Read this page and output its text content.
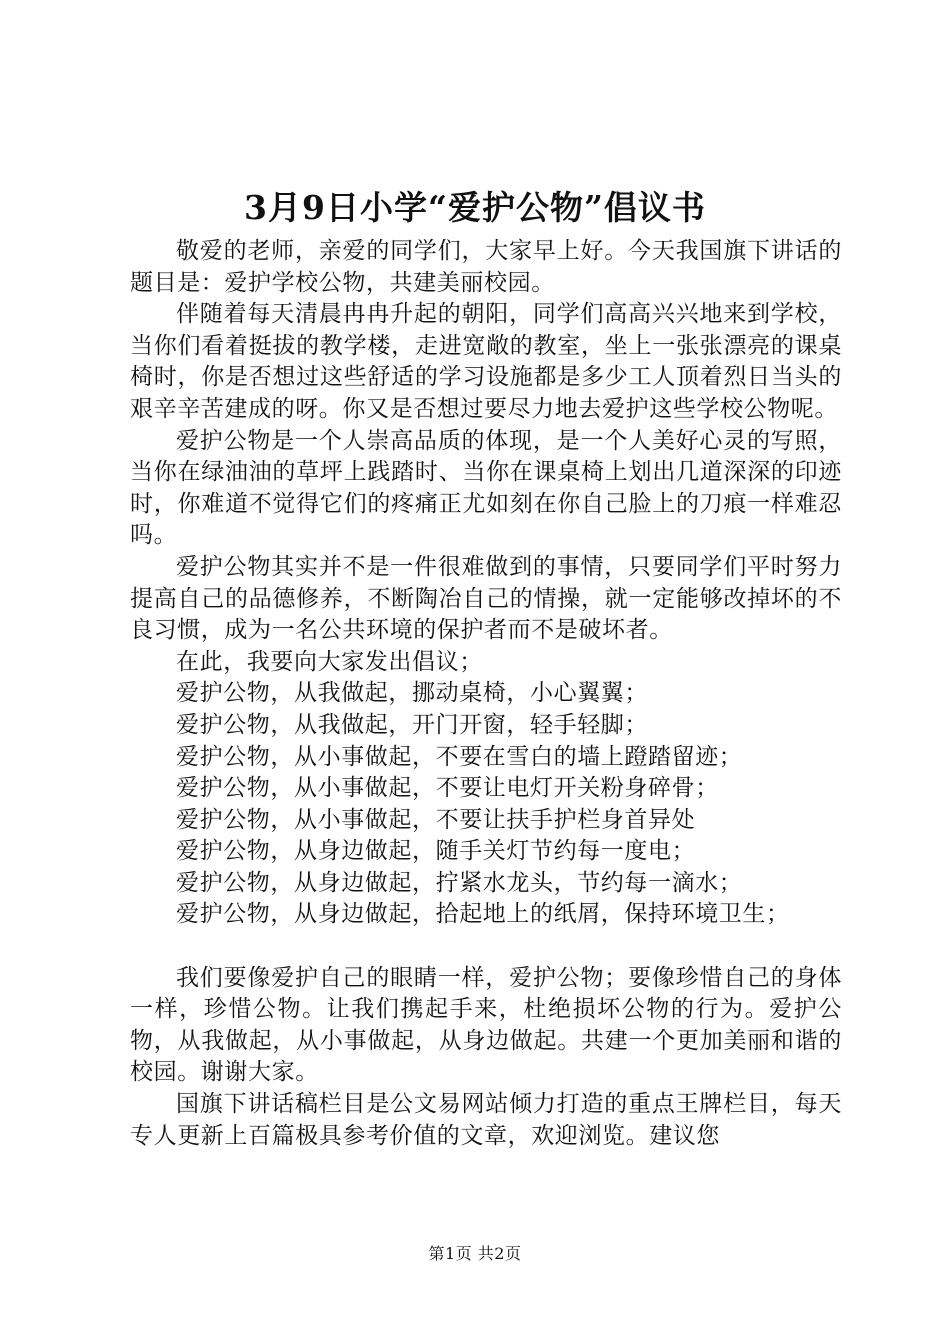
3月9日小学“爱护公物”倡议书

敬爱的老师，亲爱的同学们，大家早上好。今天我国旗下讲话的题目是：爱护学校公物，共建美丽校园。

伴随着每天清晨冉冉升起的朝阳，同学们高高兴兴地来到学校，当你们看着挺拔的教学楼，走进宽敞的教室，坐上一张张漂亮的课桌椅时，你是否想过这些舒适的学习设施都是多少工人顶着烈日当头的艰辛辛苦建成的呀。你又是否想过要尽力地去爱护这些学校公物呢。

爱护公物是一个人崇高品质的体现，是一个人美好心灵的写照，当你在绿油油的草坪上践踏时、当你在课桌椅上划出几道深深的印迹时，你难道不觉得它们的疼痛正尤如刻在你自己脸上的刀痕一样难忍吗。

爱护公物其实并不是一件很难做到的事情，只要同学们平时努力提高自己的品德修养，不断陶冶自己的情操，就一定能够改掉坏的不良习惯，成为一名公共环境的保护者而不是破坏者。

在此，我要向大家发出倡议；
爱护公物，从我做起，挪动桌椅，小心翼翼；
爱护公物，从我做起，开门开窗，轻手轻脚；
爱护公物，从小事做起，不要在雪白的墙上蹬踏留迹；
爱护公物，从小事做起，不要让电灯开关粉身碎骨；
爱护公物，从小事做起，不要让扶手护栏身首异处
爱护公物，从身边做起，随手关灯节约每一度电；
爱护公物，从身边做起，拧紧水龙头，节约每一滴水；
爱护公物，从身边做起，拾起地上的纸屑，保持环境卫生；

我们要像爱护自己的眼睛一样，爱护公物；要像珍惜自己的身体一样，珍惜公物。让我们携起手来，杜绝损坏公物的行为。爱护公物，从我做起，从小事做起，从身边做起。共建一个更加美丽和谐的校园。谢谢大家。

国旗下讲话稿栏目是公文易网站倾力打造的重点王牌栏目，每天专人更新上百篇极具参考价值的文章，欢迎浏览。建议您

第1页 共2页
